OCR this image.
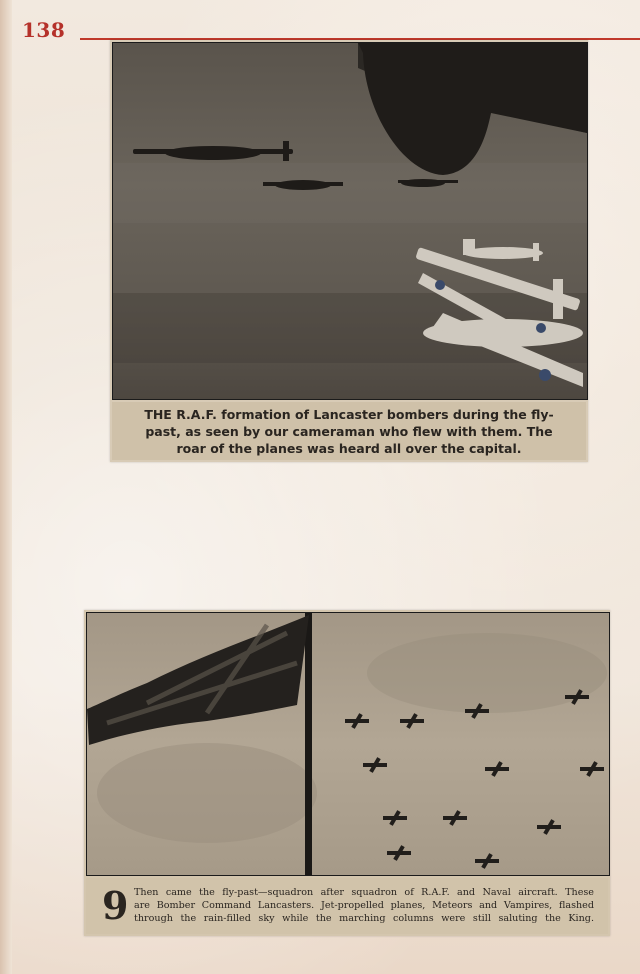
138
THE R.A.F. formation of Lancaster bombers during the fly-
past, as seen by our cameraman who flew with them. The
roar of the planes was heard all over the capital.
9 Then came the fly-past—squadron after squadron of R.A.F. and Naval aircraft. These
are Bomber Command Lancasters. Jet-propelled planes, Meteors and Vampires, flashed
through the rain-filled sky while the marching columns were still saluting the King.
